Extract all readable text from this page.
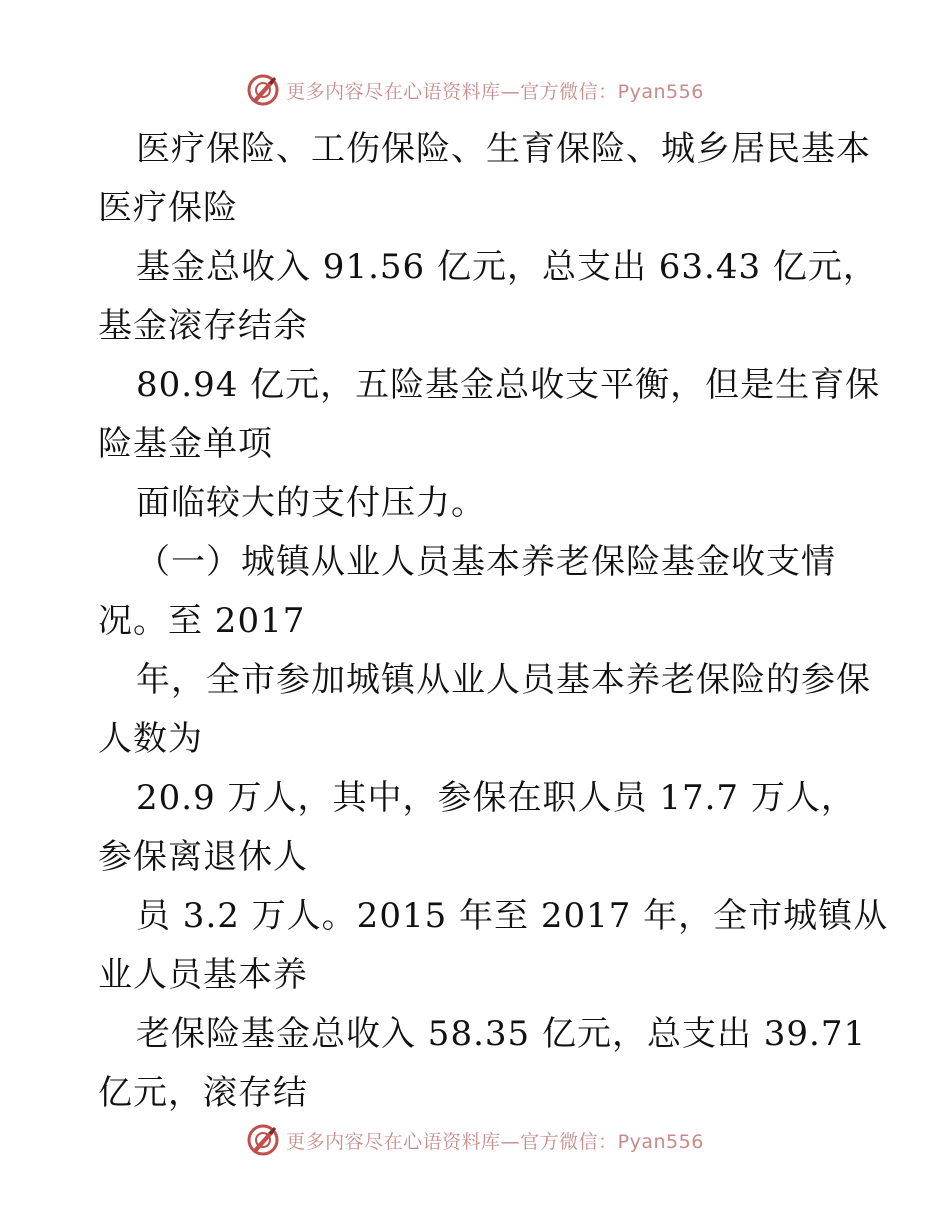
更多内容尽在心语资料库—官方微信：Pyan556
医疗保险、工伤保险、生育保险、城乡居民基本
医疗保险
基金总收入 91.56 亿元，总支出 63.43 亿元，
基金滚存结余
80.94 亿元，五险基金总收支平衡，但是生育保
险基金单项
面临较大的支付压力。
（一）城镇从业人员基本养老保险基金收支情
况。至 2017
年，全市参加城镇从业人员基本养老保险的参保
人数为
20.9 万人，其中，参保在职人员 17.7 万人，
参保离退休人
员 3.2 万人。2015 年至 2017 年，全市城镇从
业人员基本养
老保险基金总收入 58.35 亿元，总支出 39.71
亿元，滚存结
更多内容尽在心语资料库—官方微信：Pyan556
